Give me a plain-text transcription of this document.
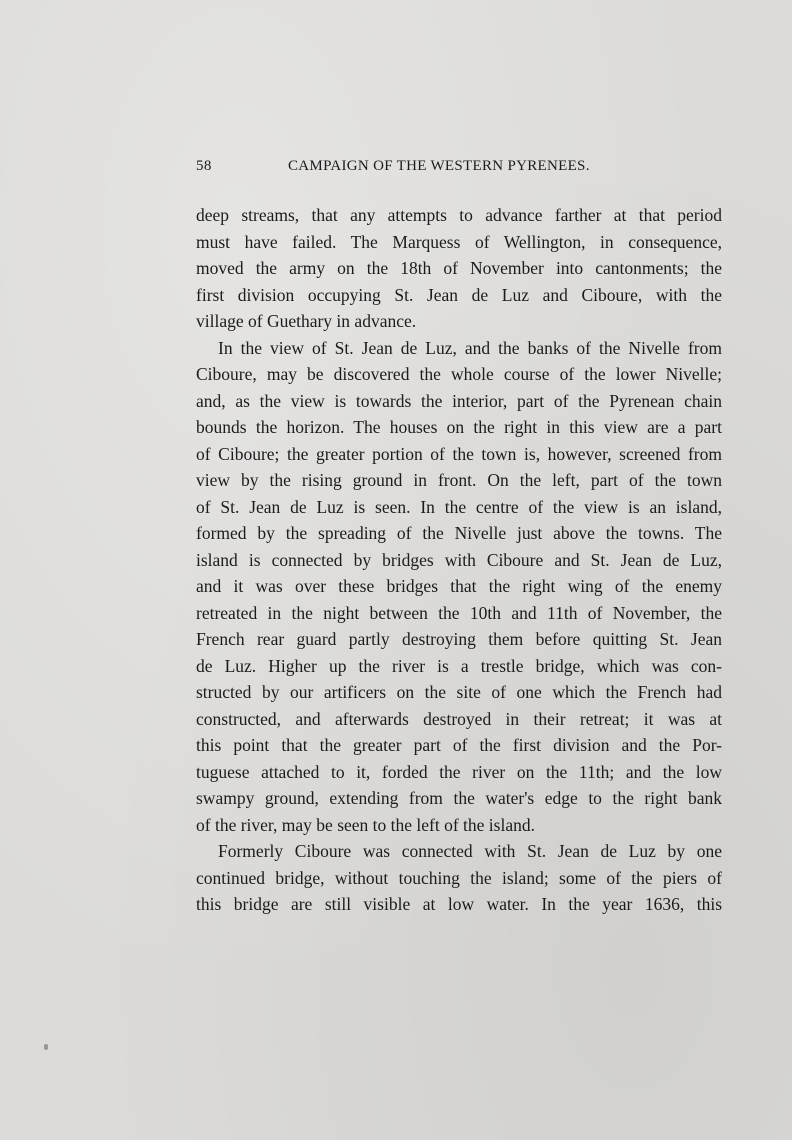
58	CAMPAIGN OF THE WESTERN PYRENEES.
deep streams, that any attempts to advance farther at that period
must have failed. The Marquess of Wellington, in consequence,
moved the army on the 18th of November into cantonments; the
first division occupying St. Jean de Luz and Ciboure, with the
village of Guethary in advance.
In the view of St. Jean de Luz, and the banks of the Nivelle from
Ciboure, may be discovered the whole course of the lower Nivelle;
and, as the view is towards the interior, part of the Pyrenean chain
bounds the horizon. The houses on the right in this view are a part
of Ciboure; the greater portion of the town is, however, screened from
view by the rising ground in front. On the left, part of the town
of St. Jean de Luz is seen. In the centre of the view is an island,
formed by the spreading of the Nivelle just above the towns. The
island is connected by bridges with Ciboure and St. Jean de Luz,
and it was over these bridges that the right wing of the enemy
retreated in the night between the 10th and 11th of November, the
French rear guard partly destroying them before quitting St. Jean
de Luz. Higher up the river is a trestle bridge, which was con-
structed by our artificers on the site of one which the French had
constructed, and afterwards destroyed in their retreat; it was at
this point that the greater part of the first division and the Por-
tuguese attached to it, forded the river on the 11th; and the low
swampy ground, extending from the water's edge to the right bank
of the river, may be seen to the left of the island.
Formerly Ciboure was connected with St. Jean de Luz by one
continued bridge, without touching the island; some of the piers of
this bridge are still visible at low water. In the year 1636, this
